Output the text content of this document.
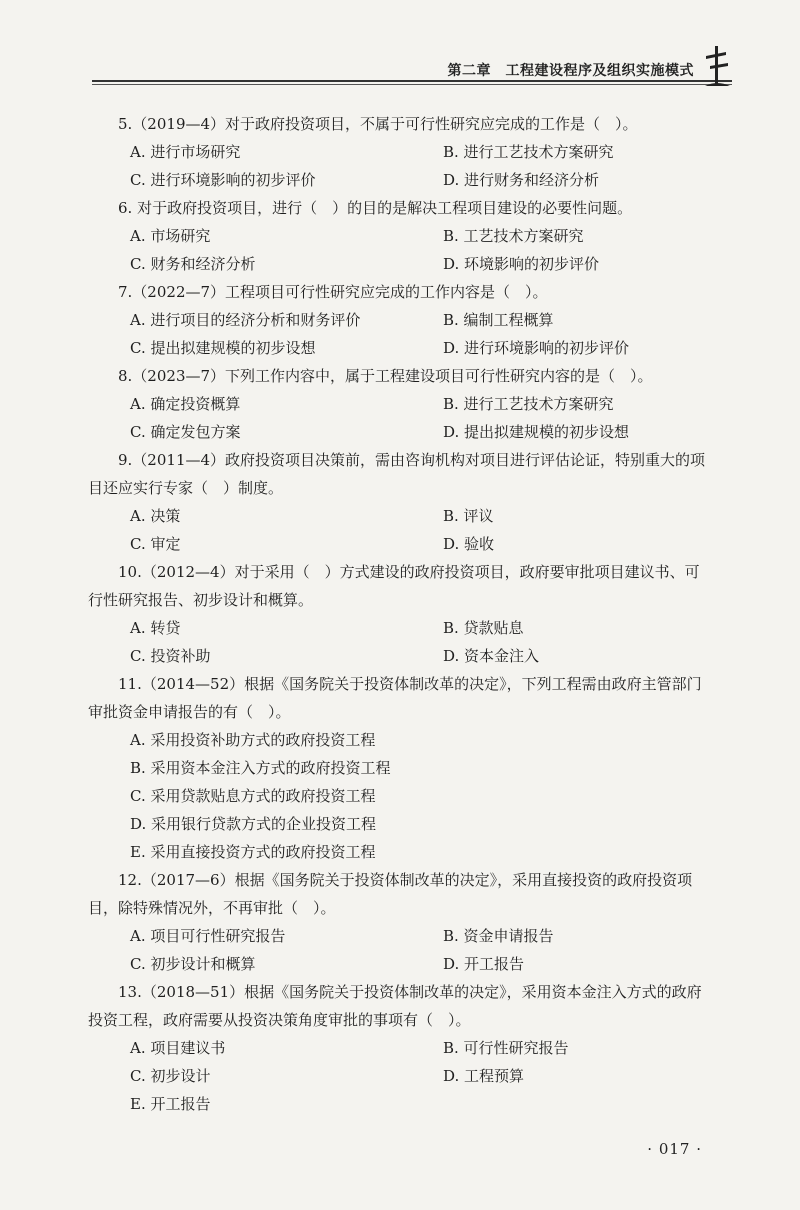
第二章　工程建设程序及组织实施模式
5.（2019—4）对于政府投资项目，不属于可行性研究应完成的工作是（　）。
A. 进行市场研究	B. 进行工艺技术方案研究
C. 进行环境影响的初步评价	D. 进行财务和经济分析
6. 对于政府投资项目，进行（　）的目的是解决工程项目建设的必要性问题。
A. 市场研究	B. 工艺技术方案研究
C. 财务和经济分析	D. 环境影响的初步评价
7.（2022—7）工程项目可行性研究应完成的工作内容是（　）。
A. 进行项目的经济分析和财务评价	B. 编制工程概算
C. 提出拟建规模的初步设想	D. 进行环境影响的初步评价
8.（2023—7）下列工作内容中，属于工程建设项目可行性研究内容的是（　）。
A. 确定投资概算	B. 进行工艺技术方案研究
C. 确定发包方案	D. 提出拟建规模的初步设想
9.（2011—4）政府投资项目决策前，需由咨询机构对项目进行评估论证，特别重大的项目还应实行专家（　）制度。
A. 决策	B. 评议
C. 审定	D. 验收
10.（2012—4）对于采用（　）方式建设的政府投资项目，政府要审批项目建议书、可行性研究报告、初步设计和概算。
A. 转贷	B. 贷款贴息
C. 投资补助	D. 资本金注入
11.（2014—52）根据《国务院关于投资体制改革的决定》，下列工程需由政府主管部门审批资金申请报告的有（　）。
A. 采用投资补助方式的政府投资工程
B. 采用资本金注入方式的政府投资工程
C. 采用贷款贴息方式的政府投资工程
D. 采用银行贷款方式的企业投资工程
E. 采用直接投资方式的政府投资工程
12.（2017—6）根据《国务院关于投资体制改革的决定》，采用直接投资的政府投资项目，除特殊情况外，不再审批（　）。
A. 项目可行性研究报告	B. 资金申请报告
C. 初步设计和概算	D. 开工报告
13.（2018—51）根据《国务院关于投资体制改革的决定》，采用资本金注入方式的政府投资工程，政府需要从投资决策角度审批的事项有（　）。
A. 项目建议书	B. 可行性研究报告
C. 初步设计	D. 工程预算
E. 开工报告
· 017 ·
